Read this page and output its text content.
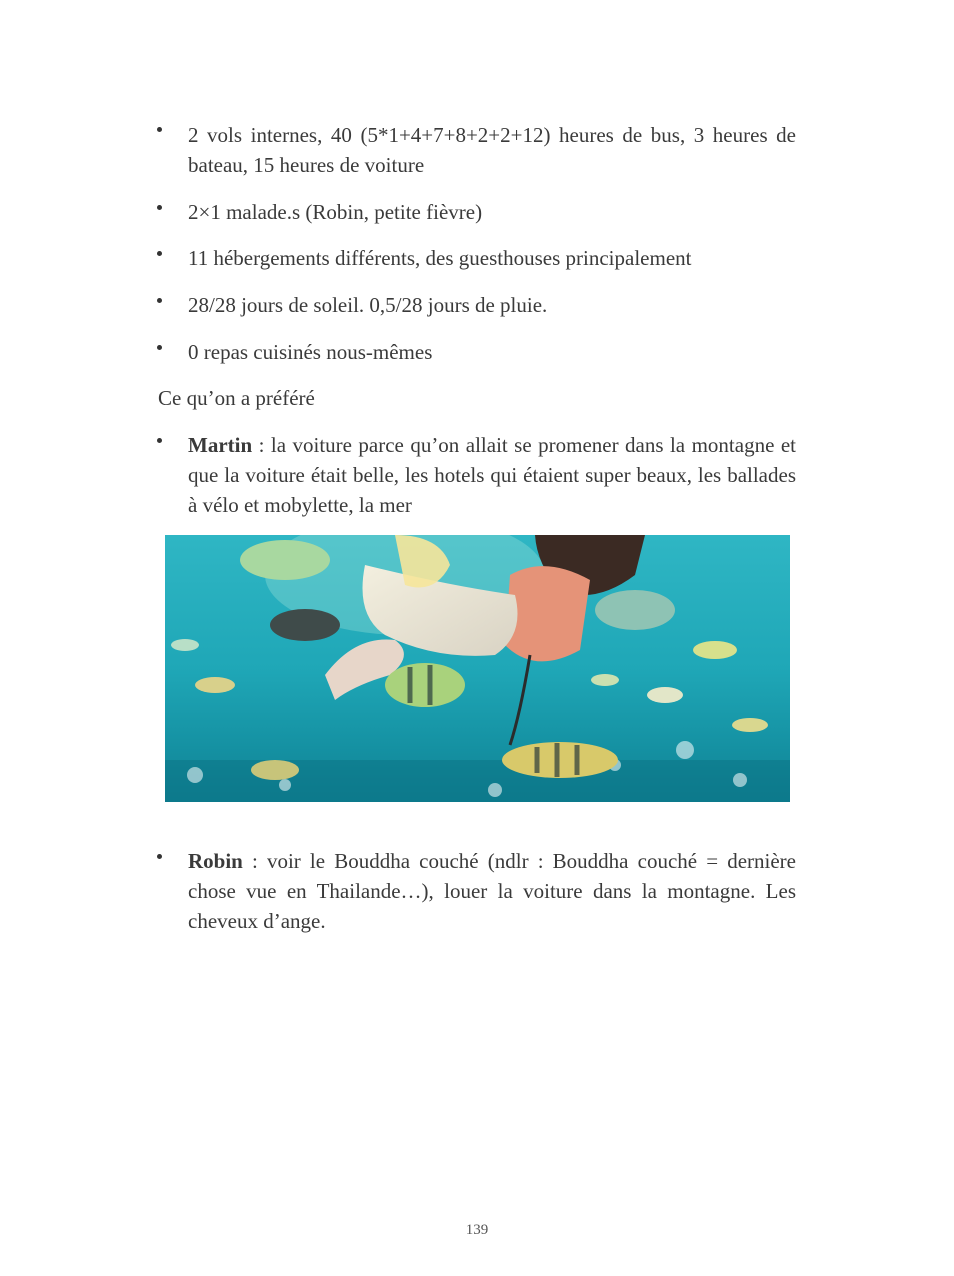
2 vols internes, 40 (5*1+4+7+8+2+2+12) heures de bus, 3 heures de bateau, 15 heures de voiture
2×1 malade.s (Robin, petite fièvre)
11 hébergements différents, des guesthouses principalement
28/28 jours de soleil. 0,5/28 jours de pluie.
0 repas cuisinés nous-mêmes
Ce qu’on a préféré
Martin : la voiture parce qu’on allait se promener dans la montagne et que la voiture était belle, les hotels qui étaient super beaux, les ballades à vélo et mobylette, la mer
Robin : voir le Bouddha couché (ndlr : Bouddha couché = dernière chose vue en Thailande…), louer la voiture dans la montagne. Les cheveux d’ange.
139
